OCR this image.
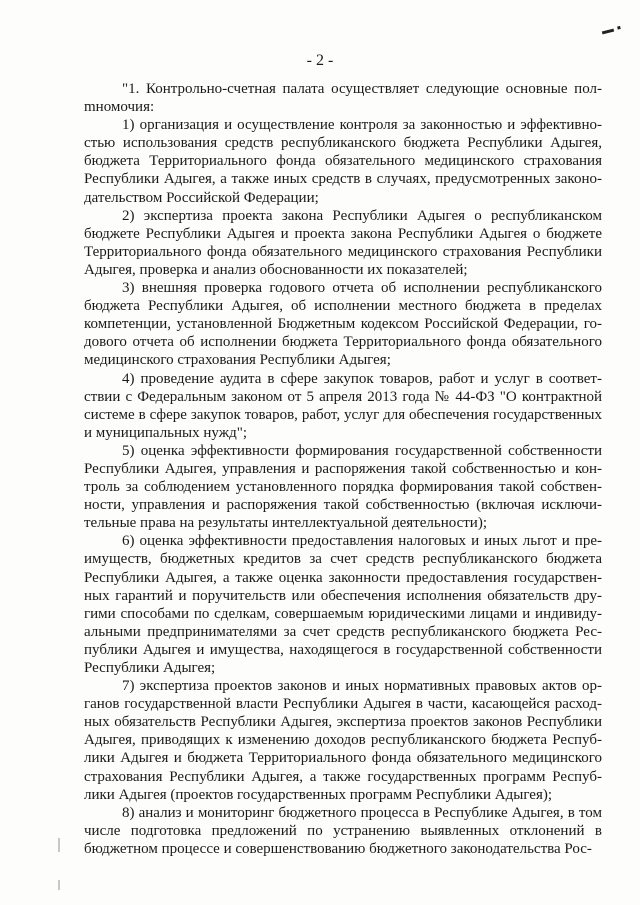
- 2 -

"1. Контрольно-счетная палата осуществляет следующие основные полmномочия:

1) организация и осуществление контроля за законностью и эффективностью использования средств республиканского бюджета Республики Адыгея, бюджета Территориального фонда обязательного медицинского страхования Республики Адыгея, а также иных средств в случаях, предусмотренных законодательством Российской Федерации;

2) экспертиза проекта закона Республики Адыгея о республиканском бюджете Республики Адыгея и проекта закона Республики Адыгея о бюджете Территориального фонда обязательного медицинского страхования Республики Адыгея, проверка и анализ обоснованности их показателей;

3) внешняя проверка годового отчета об исполнении республиканского бюджета Республики Адыгея, об исполнении местного бюджета в пределах компетенции, установленной Бюджетным кодексом Российской Федерации, годового отчета об исполнении бюджета Территориального фонда обязательного медицинского страхования Республики Адыгея;

4) проведение аудита в сфере закупок товаров, работ и услуг в соответствии с Федеральным законом от 5 апреля 2013 года № 44-ФЗ "О контрактной системе в сфере закупок товаров, работ, услуг для обеспечения государственных и муниципальных нужд";

5) оценка эффективности формирования государственной собственности Республики Адыгея, управления и распоряжения такой собственностью и контроль за соблюдением установленного порядка формирования такой собственности, управления и распоряжения такой собственностью (включая исключительные права на результаты интеллектуальной деятельности);

6) оценка эффективности предоставления налоговых и иных льгот и преимуществ, бюджетных кредитов за счет средств республиканского бюджета Республики Адыгея, а также оценка законности предоставления государственных гарантий и поручительств или обеспечения исполнения обязательств другими способами по сделкам, совершаемым юридическими лицами и индивидуальными предпринимателями за счет средств республиканского бюджета Республики Адыгея и имущества, находящегося в государственной собственности Республики Адыгея;

7) экспертиза проектов законов и иных нормативных правовых актов органов государственной власти Республики Адыгея в части, касающейся расходных обязательств Республики Адыгея, экспертиза проектов законов Республики Адыгея, приводящих к изменению доходов республиканского бюджета Республики Адыгея и бюджета Территориального фонда обязательного медицинского страхования Республики Адыгея, а также государственных программ Республики Адыгея (проектов государственных программ Республики Адыгея);

8) анализ и мониторинг бюджетного процесса в Республике Адыгея, в том числе подготовка предложений по устранению выявленных отклонений в бюджетном процессе и совершенствованию бюджетного законодательства Рос-
